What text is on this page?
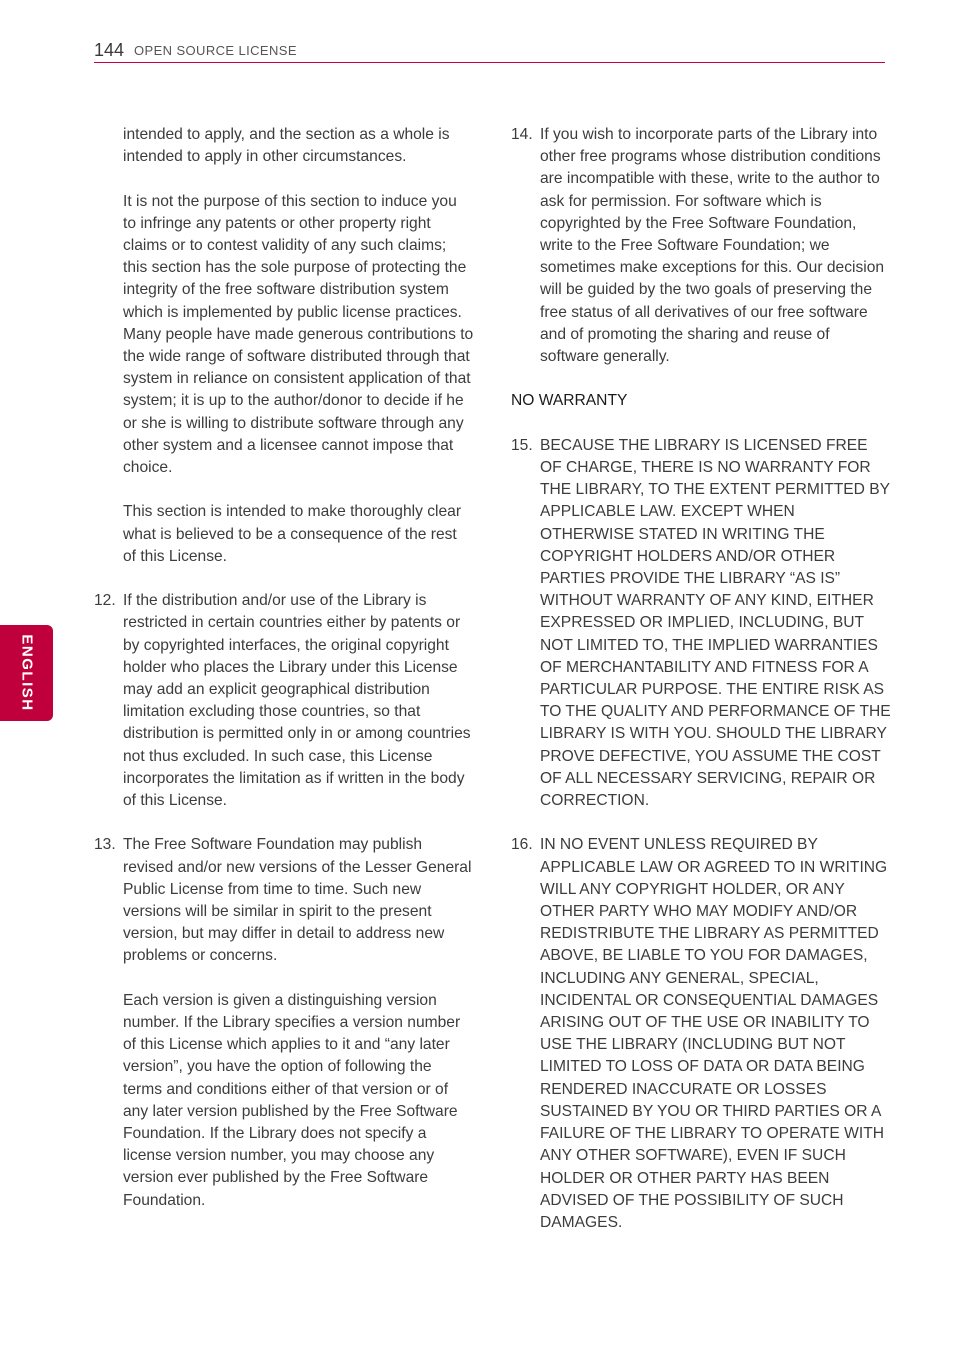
144 OPEN SOURCE LICENSE
ENGLISH

intended to apply, and the section as a whole is intended to apply in other circumstances.

It is not the purpose of this section to induce you to infringe any patents or other property right claims or to contest validity of any such claims; this section has the sole purpose of protecting the integrity of the free software distribution system which is implemented by public license practices. Many people have made generous contributions to the wide range of software distributed through that system in reliance on consistent application of that system; it is up to the author/donor to decide if he or she is willing to distribute software through any other system and a licensee cannot impose that choice.

This section is intended to make thoroughly clear what is believed to be a consequence of the rest of this License.

12. If the distribution and/or use of the Library is restricted in certain countries either by patents or by copyrighted interfaces, the original copyright holder who places the Library under this License may add an explicit geographical distribution limitation excluding those countries, so that distribution is permitted only in or among countries not thus excluded. In such case, this License incorporates the limitation as if written in the body of this License.

13. The Free Software Foundation may publish revised and/or new versions of the Lesser General Public License from time to time. Such new versions will be similar in spirit to the present version, but may differ in detail to address new problems or concerns.

Each version is given a distinguishing version number. If the Library specifies a version number of this License which applies to it and “any later version”, you have the option of following the terms and conditions either of that version or of any later version published by the Free Software Foundation. If the Library does not specify a license version number, you may choose any version ever published by the Free Software Foundation.

14. If you wish to incorporate parts of the Library into other free programs whose distribution conditions are incompatible with these, write to the author to ask for permission. For software which is copyrighted by the Free Software Foundation, write to the Free Software Foundation; we sometimes make exceptions for this. Our decision will be guided by the two goals of preserving the free status of all derivatives of our free software and of promoting the sharing and reuse of software generally.

NO WARRANTY

15. BECAUSE THE LIBRARY IS LICENSED FREE OF CHARGE, THERE IS NO WARRANTY FOR THE LIBRARY, TO THE EXTENT PERMITTED BY APPLICABLE LAW. EXCEPT WHEN OTHERWISE STATED IN WRITING THE COPYRIGHT HOLDERS AND/OR OTHER PARTIES PROVIDE THE LIBRARY “AS IS” WITHOUT WARRANTY OF ANY KIND, EITHER EXPRESSED OR IMPLIED, INCLUDING, BUT NOT LIMITED TO, THE IMPLIED WARRANTIES OF MERCHANTABILITY AND FITNESS FOR A PARTICULAR PURPOSE. THE ENTIRE RISK AS TO THE QUALITY AND PERFORMANCE OF THE LIBRARY IS WITH YOU. SHOULD THE LIBRARY PROVE DEFECTIVE, YOU ASSUME THE COST OF ALL NECESSARY SERVICING, REPAIR OR CORRECTION.

16. IN NO EVENT UNLESS REQUIRED BY APPLICABLE LAW OR AGREED TO IN WRITING WILL ANY COPYRIGHT HOLDER, OR ANY OTHER PARTY WHO MAY MODIFY AND/OR REDISTRIBUTE THE LIBRARY AS PERMITTED ABOVE, BE LIABLE TO YOU FOR DAMAGES, INCLUDING ANY GENERAL, SPECIAL, INCIDENTAL OR CONSEQUENTIAL DAMAGES ARISING OUT OF THE USE OR INABILITY TO USE THE LIBRARY (INCLUDING BUT NOT LIMITED TO LOSS OF DATA OR DATA BEING RENDERED INACCURATE OR LOSSES SUSTAINED BY YOU OR THIRD PARTIES OR A FAILURE OF THE LIBRARY TO OPERATE WITH ANY OTHER SOFTWARE), EVEN IF SUCH HOLDER OR OTHER PARTY HAS BEEN ADVISED OF THE POSSIBILITY OF SUCH DAMAGES.
